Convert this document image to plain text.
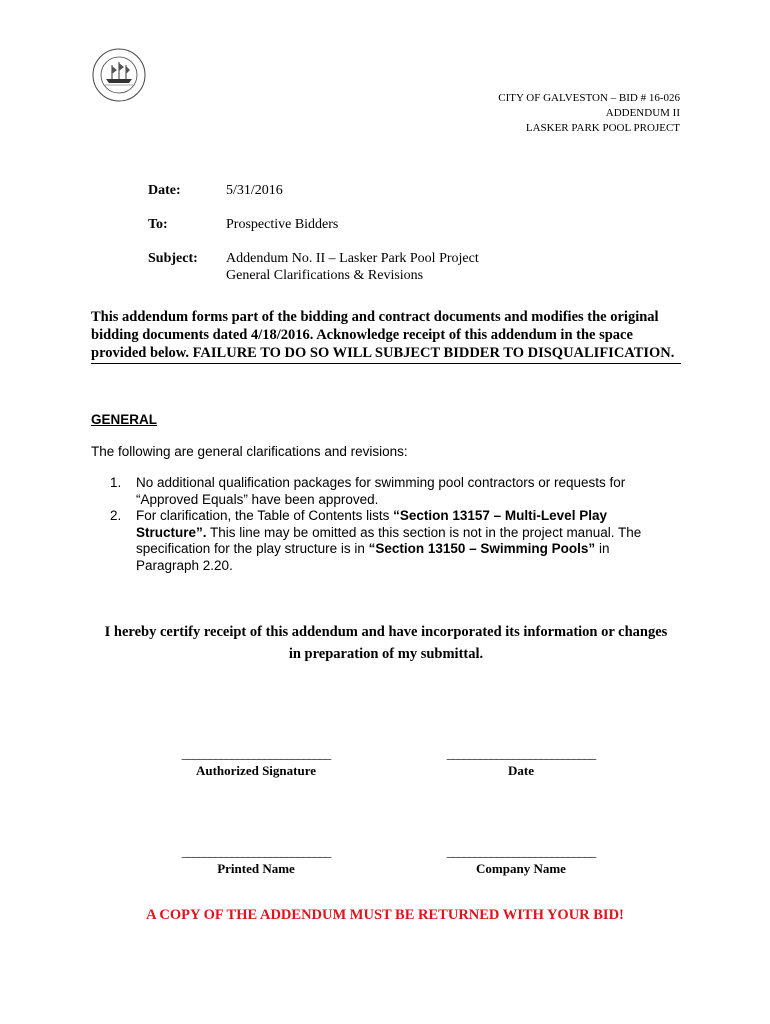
CITY OF GALVESTON – BID # 16-026
ADDENDUM II
LASKER PARK POOL PROJECT
Date:	5/31/2016
To:	Prospective Bidders
Subject:	Addendum No. II – Lasker Park Pool Project
General Clarifications & Revisions
This addendum forms part of the bidding and contract documents and modifies the original bidding documents dated 4/18/2016. Acknowledge receipt of this addendum in the space provided below. FAILURE TO DO SO WILL SUBJECT BIDDER TO DISQUALIFICATION.
GENERAL
The following are general clarifications and revisions:
1.	No additional qualification packages for swimming pool contractors or requests for “Approved Equals” have been approved.
2.	For clarification, the Table of Contents lists “Section 13157 – Multi-Level Play Structure”. This line may be omitted as this section is not in the project manual. The specification for the play structure is in “Section 13150 – Swimming Pools” in Paragraph 2.20.
I hereby certify receipt of this addendum and have incorporated its information or changes
in preparation of my submittal.
___________________________
Authorized Signature
___________________________
Date
___________________________
Printed Name
___________________________
Company Name
A COPY OF THE ADDENDUM MUST BE RETURNED WITH YOUR BID!
